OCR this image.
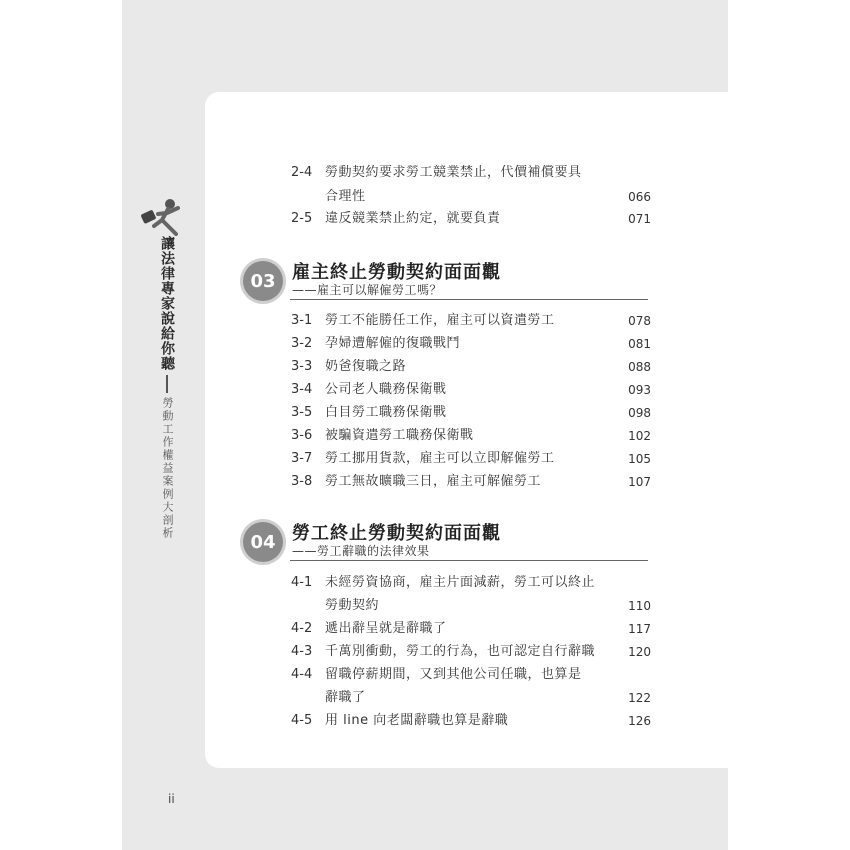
讓法律專家說給你聽
勞動工作權益案例大剖析
2-4 勞動契約要求勞工競業禁止，代價補償要具
合理性	066
2-5 違反競業禁止約定，就要負責	071
03 雇主終止勞動契約面面觀
——雇主可以解僱勞工嗎？
3-1 勞工不能勝任工作，雇主可以資遣勞工	078
3-2 孕婦遭解僱的復職戰鬥	081
3-3 奶爸復職之路	088
3-4 公司老人職務保衛戰	093
3-5 白目勞工職務保衛戰	098
3-6 被騙資遣勞工職務保衛戰	102
3-7 勞工挪用貨款，雇主可以立即解僱勞工	105
3-8 勞工無故曠職三日，雇主可解僱勞工	107
04 勞工終止勞動契約面面觀
——勞工辭職的法律效果
4-1 未經勞資協商，雇主片面減薪，勞工可以終止
勞動契約	110
4-2 遞出辭呈就是辭職了	117
4-3 千萬別衝動，勞工的行為，也可認定自行辭職	120
4-4 留職停薪期間，又到其他公司任職，也算是
辭職了	122
4-5 用 line 向老闆辭職也算是辭職	126
ii
